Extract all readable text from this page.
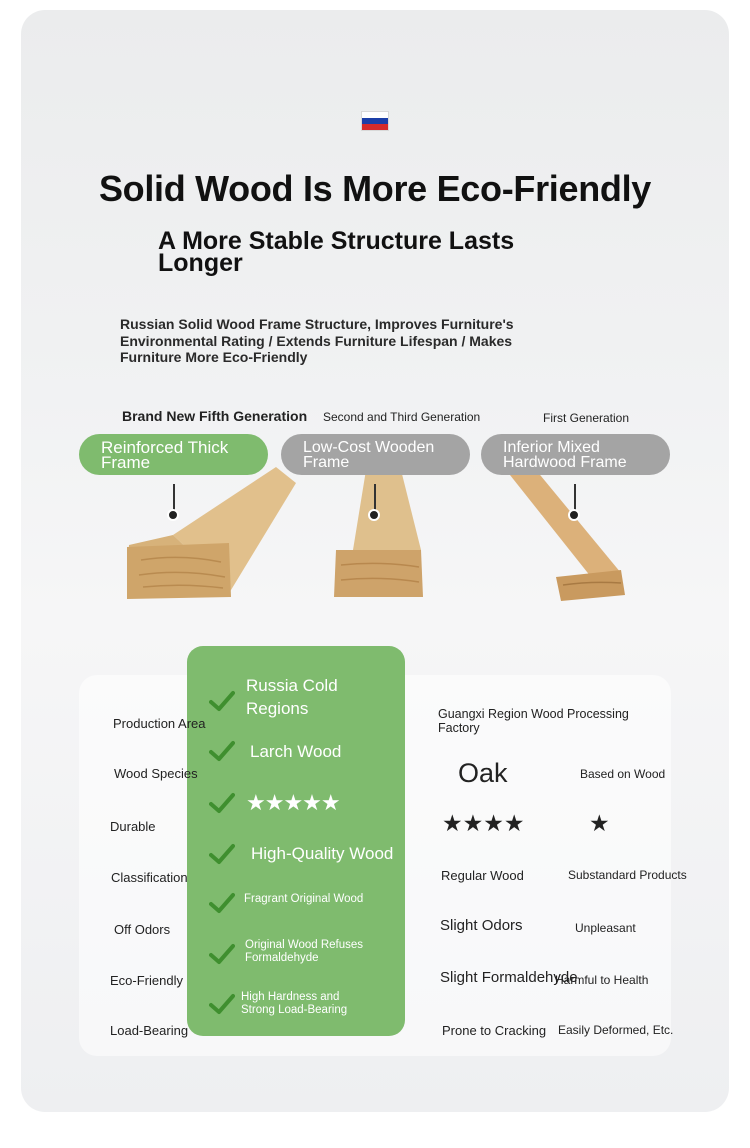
Solid Wood Is More Eco-Friendly
A More Stable Structure Lasts Longer
Russian Solid Wood Frame Structure, Improves Furniture's Environmental Rating / Extends Furniture Lifespan / Makes Furniture More Eco-Friendly
Brand New Fifth Generation Second and Third Generation	First Generation
Reinforced Thick Frame
Low-Cost Wooden Frame
Inferior Mixed Hardwood Frame
Production Area
Wood Species
Durable
Classification
Off Odors
Eco-Friendly
Load-Bearing
Russia Cold Regions
Larch Wood
★★★★★
High-Quality Wood
Fragrant Original Wood
Original Wood Refuses Formaldehyde
High Hardness and Strong Load-Bearing
Guangxi Region Wood Processing Factory
Oak
★★★★
Regular Wood
Slight Odors
Slight Formaldehyde
Prone to Cracking
Based on Wood
★
Substandard Products
Unpleasant
Harmful to Health
Easily Deformed, Etc.
